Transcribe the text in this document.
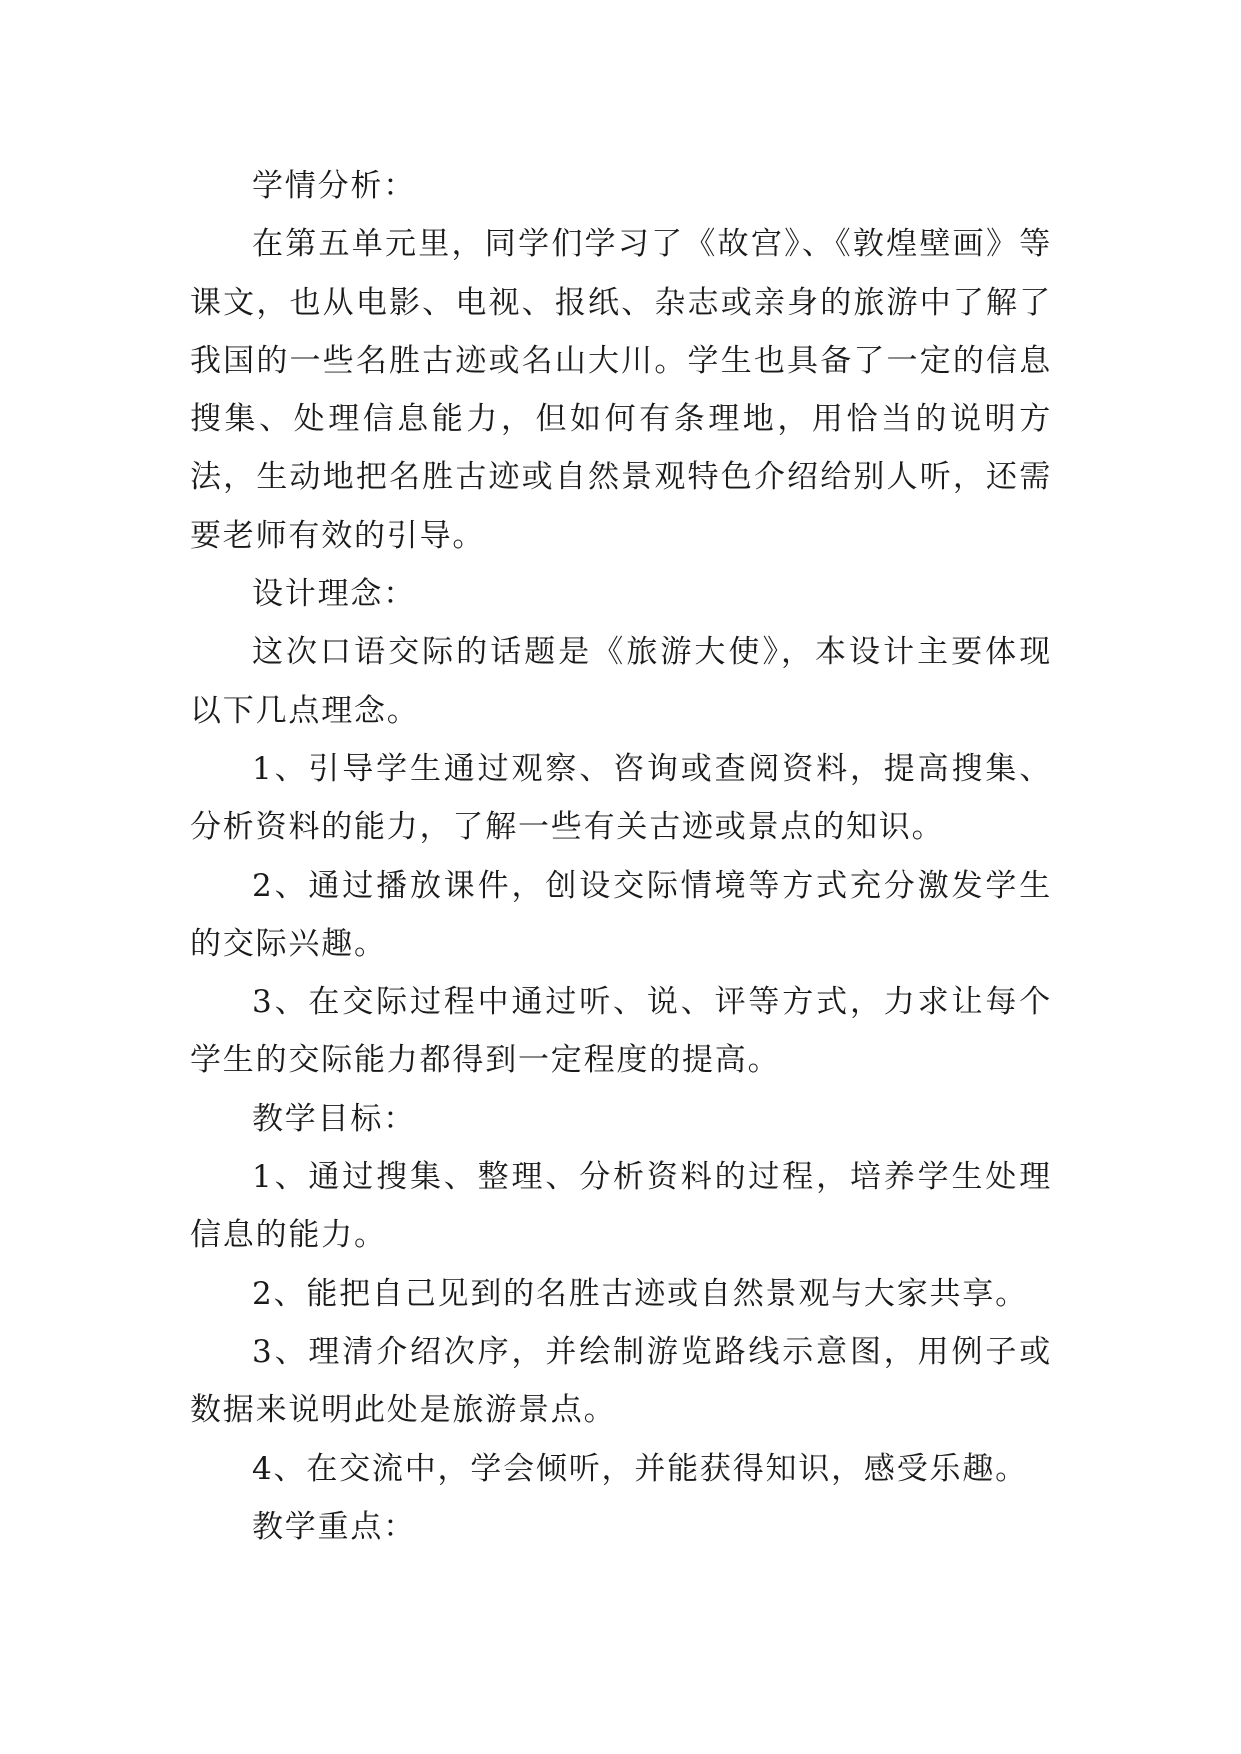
学情分析：

在第五单元里，同学们学习了《故宫》、《敦煌壁画》等课文，也从电影、电视、报纸、杂志或亲身的旅游中了解了我国的一些名胜古迹或名山大川。学生也具备了一定的信息搜集、处理信息能力，但如何有条理地，用恰当的说明方法，生动地把名胜古迹或自然景观特色介绍给别人听，还需要老师有效的引导。

设计理念：

这次口语交际的话题是《旅游大使》，本设计主要体现以下几点理念。

1、引导学生通过观察、咨询或查阅资料，提高搜集、分析资料的能力，了解一些有关古迹或景点的知识。

2、通过播放课件，创设交际情境等方式充分激发学生的交际兴趣。

3、在交际过程中通过听、说、评等方式，力求让每个学生的交际能力都得到一定程度的提高。

教学目标：

1、通过搜集、整理、分析资料的过程，培养学生处理信息的能力。

2、能把自己见到的名胜古迹或自然景观与大家共享。

3、理清介绍次序，并绘制游览路线示意图，用例子或数据来说明此处是旅游景点。

4、在交流中，学会倾听，并能获得知识，感受乐趣。

教学重点：
